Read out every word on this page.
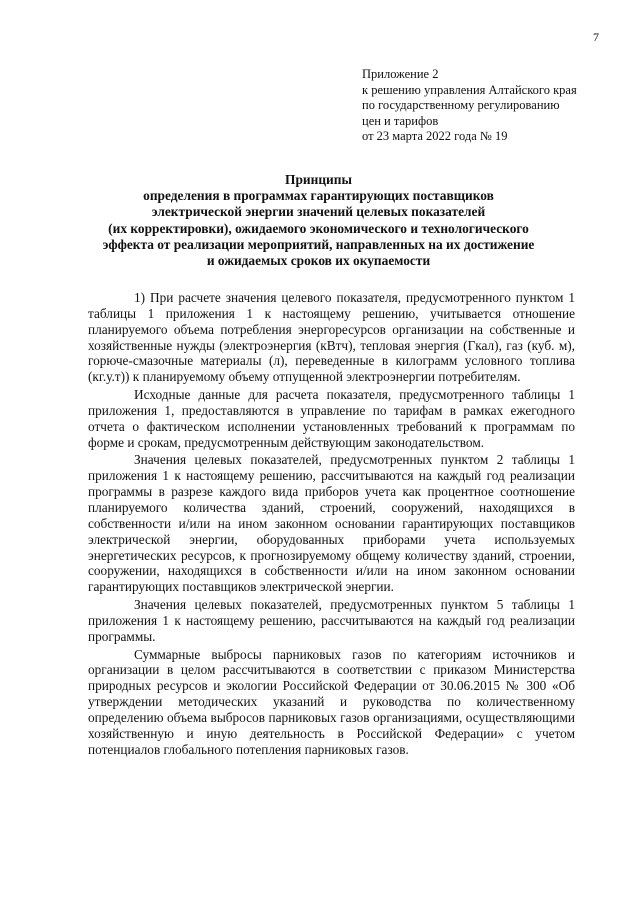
7
Приложение 2
к решению управления Алтайского края
по государственному регулированию
цен и тарифов
от 23 марта 2022 года № 19
Принципы
определения в программах гарантирующих поставщиков
электрической энергии значений целевых показателей
(их корректировки), ожидаемого экономического и технологического
эффекта от реализации мероприятий, направленных на их достижение
и ожидаемых сроков их окупаемости

1) При расчете значения целевого показателя, предусмотренного пунктом 1 таблицы 1 приложения 1 к настоящему решению, учитывается отношение планируемого объема потребления энергоресурсов организации на собственные и хозяйственные нужды (электроэнергия (кВтч), тепловая энергия (Гкал), газ (куб. м), горюче-смазочные материалы (л), переведенные в килограмм условного топлива (кг.у.т)) к планируемому объему отпущенной электроэнергии потребителям.

Исходные данные для расчета показателя, предусмотренного таблицы 1 приложения 1, предоставляются в управление по тарифам в рамках ежегодного отчета о фактическом исполнении установленных требований к программам по форме и срокам, предусмотренным действующим законодательством.

Значения целевых показателей, предусмотренных пунктом 2 таблицы 1 приложения 1 к настоящему решению, рассчитываются на каждый год реализации программы в разрезе каждого вида приборов учета как процентное соотношение планируемого количества зданий, строений, сооружений, находящихся в собственности и/или на ином законном основании гарантирующих поставщиков электрической энергии, оборудованных приборами учета используемых энергетических ресурсов, к прогнозируемому общему количеству зданий, строении, сооружении, находящихся в собственности и/или на ином законном основании гарантирующих поставщиков электрической энергии.

Значения целевых показателей, предусмотренных пунктом 5 таблицы 1 приложения 1 к настоящему решению, рассчитываются на каждый год реализации программы.

Суммарные выбросы парниковых газов по категориям источников и организации в целом рассчитываются в соответствии с приказом Министерства природных ресурсов и экологии Российской Федерации от 30.06.2015 № 300 «Об утверждении методических указаний и руководства по количественному определению объема выбросов парниковых газов организациями, осуществляющими хозяйственную и иную деятельность в Российской Федерации» с учетом потенциалов глобального потепления парниковых газов.
